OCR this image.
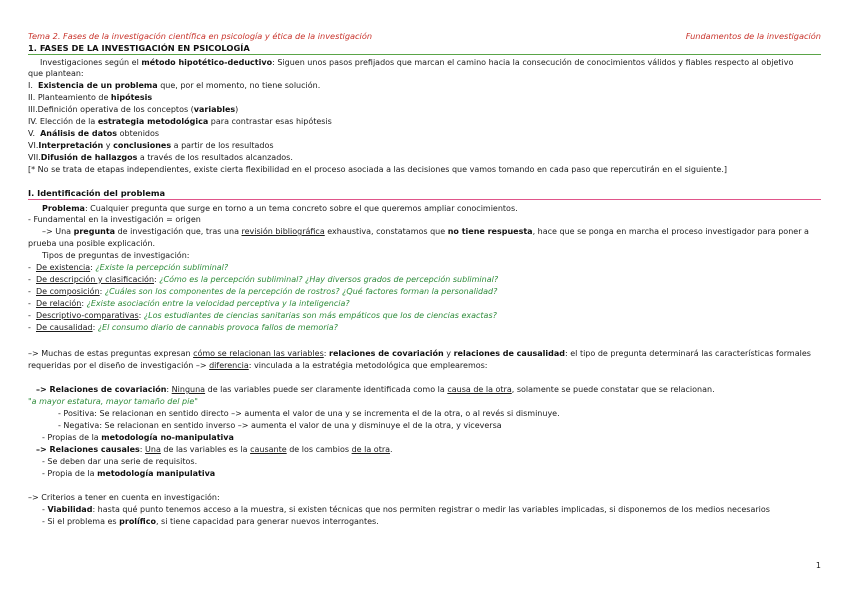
Tema 2. Fases de la investigación científica en psicología y ética de la investigación	Fundamentos de la investigación
1. FASES DE LA INVESTIGACIÓN EN PSICOLOGÍA
Investigaciones según el método hipotético-deductivo: Siguen unos pasos prefijados que marcan el camino hacia la consecución de conocimientos válidos y fiables respecto al objetivo
que plantean:
I. Existencia de un problema que, por el momento, no tiene solución.
II. Planteamiento de hipótesis
III.Definición operativa de los conceptos (variables)
IV. Elección de la estrategia metodológica para contrastar esas hipótesis
V. Análisis de datos obtenidos
VI.Interpretación y conclusiones a partir de los resultados
VII.Difusión de hallazgos a través de los resultados alcanzados.
[* No se trata de etapas independientes, existe cierta flexibilidad en el proceso asociada a las decisiones que vamos tomando en cada paso que repercutirán en el siguiente.]
I. Identificación del problema
Problema: Cualquier pregunta que surge en torno a un tema concreto sobre el que queremos ampliar conocimientos.
- Fundamental en la investigación = origen
–> Una pregunta de investigación que, tras una revisión bibliográfica exhaustiva, constatamos que no tiene respuesta, hace que se ponga en marcha el proceso investigador para poner a
prueba una posible explicación.
Tipos de preguntas de investigación:
-  De existencia: ¿Existe la percepción subliminal?
-  De descripción y clasificación: ¿Cómo es la percepción subliminal? ¿Hay diversos grados de percepción subliminal?
-  De composición: ¿Cuáles son los componentes de la percepción de rostros? ¿Qué factores forman la personalidad?
-  De relación: ¿Existe asociación entre la velocidad perceptiva y la inteligencia?
-  Descriptivo-comparativas: ¿Los estudiantes de ciencias sanitarias son más empáticos que los de ciencias exactas?
-  De causalidad: ¿El consumo diario de cannabis provoca fallos de memoria?
–> Muchas de estas preguntas expresan cómo se relacionan las variables: relaciones de covariación y relaciones de causalidad: el tipo de pregunta determinará las características formales
requeridas por el diseño de investigación –> diferencia: vinculada a la estratégia metodológica que emplearemos:
–> Relaciones de covariación: Ninguna de las variables puede ser claramente identificada como la causa de la otra, solamente se puede constatar que se relacionan.
"a mayor estatura, mayor tamaño del pie"
- Positiva: Se relacionan en sentido directo –> aumenta el valor de una y se incrementa el de la otra, o al revés si disminuye.
- Negativa: Se relacionan en sentido inverso –> aumenta el valor de una y disminuye el de la otra, y viceversa
- Propias de la metodología no-manipulativa
–> Relaciones causales: Una de las variables es la causante de los cambios de la otra.
- Se deben dar una serie de requisitos.
- Propia de la metodología manipulativa
–> Criterios a tener en cuenta en investigación:
- Viabilidad: hasta qué punto tenemos acceso a la muestra, si existen técnicas que nos permiten registrar o medir las variables implicadas, si disponemos de los medios necesarios
- Si el problema es prolífico, si tiene capacidad para generar nuevos interrogantes.
1
